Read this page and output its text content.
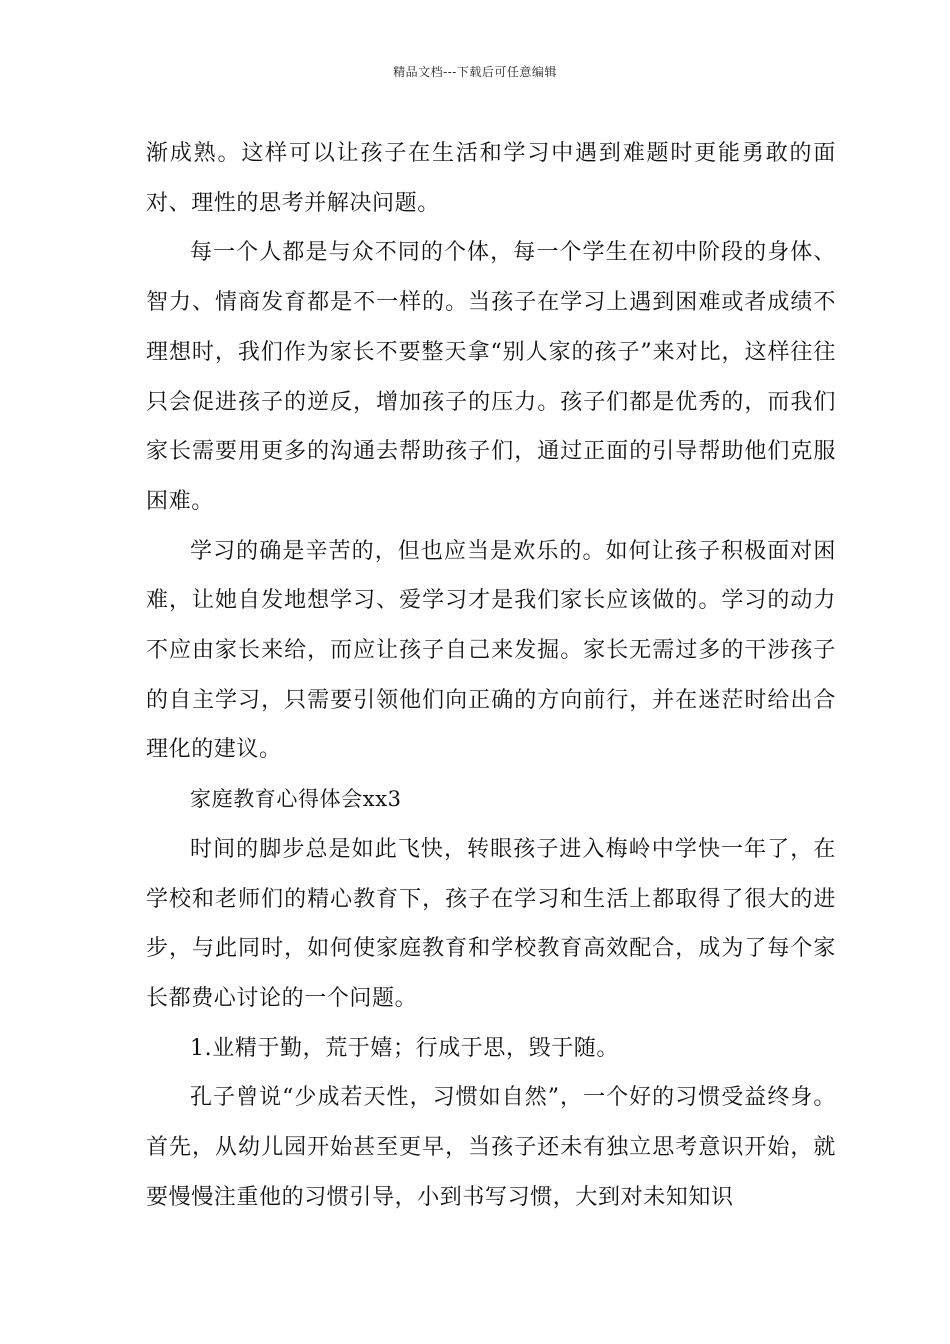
精品文档---下载后可任意编辑

渐成熟。这样可以让孩子在生活和学习中遇到难题时更能勇敢的面对、理性的思考并解决问题。

每一个人都是与众不同的个体，每一个学生在初中阶段的身体、智力、情商发育都是不一样的。当孩子在学习上遇到困难或者成绩不理想时，我们作为家长不要整天拿“别人家的孩子”来对比，这样往往只会促进孩子的逆反，增加孩子的压力。孩子们都是优秀的，而我们家长需要用更多的沟通去帮助孩子们，通过正面的引导帮助他们克服困难。

学习的确是辛苦的，但也应当是欢乐的。如何让孩子积极面对困难，让她自发地想学习、爱学习才是我们家长应该做的。学习的动力不应由家长来给，而应让孩子自己来发掘。家长无需过多的干涉孩子的自主学习，只需要引领他们向正确的方向前行，并在迷茫时给出合理化的建议。

家庭教育心得体会xx3

时间的脚步总是如此飞快，转眼孩子进入梅岭中学快一年了，在学校和老师们的精心教育下，孩子在学习和生活上都取得了很大的进步，与此同时，如何使家庭教育和学校教育高效配合，成为了每个家长都费心讨论的一个问题。

1.业精于勤，荒于嬉；行成于思，毁于随。

孔子曾说“少成若天性，习惯如自然”，一个好的习惯受益终身。首先，从幼儿园开始甚至更早，当孩子还未有独立思考意识开始，就要慢慢注重他的习惯引导，小到书写习惯，大到对未知知识
